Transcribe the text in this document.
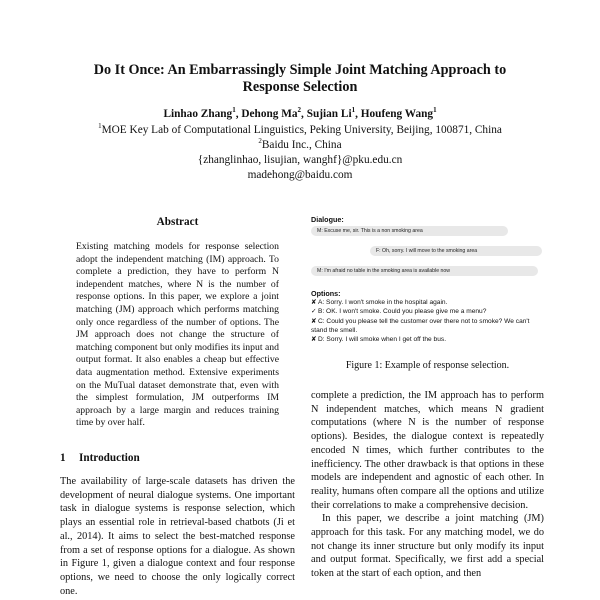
Do It Once: An Embarrassingly Simple Joint Matching Approach to
Response Selection
Linhao Zhang$^1$, Dehong Ma$^2$, Sujian Li$^1$, Houfeng Wang$^1$
$^1$MOE Key Lab of Computational Linguistics, Peking University, Beijing, 100871, China
$^2$Baidu Inc., China
{zhanglinhao, lisujian, wanghf}@pku.edu.cn
madehong@baidu.com
Abstract
Existing matching models for response selection adopt the independent matching (IM) approach. To complete a prediction, they have to perform N independent matches, where N is the number of response options. In this paper, we explore a joint matching (JM) approach which performs matching only once regardless of the number of options. The JM approach does not change the structure of matching component but only modifies its input and output format. It also enables a cheap but effective data augmentation method. Extensive experiments on the MuTual dataset demonstrate that, even with the simplest formulation, JM outperforms IM approach by a large margin and reduces training time by over half.
1 Introduction
The availability of large-scale datasets has driven the development of neural dialogue systems. One important task in dialogue systems is response selection, which plays an essential role in retrieval-based chatbots (Ji et al., 2014). It aims to select the best-matched response from a set of response options for a dialogue. As shown in Figure 1, given a dialogue context and four response options, we need to choose the only logically correct one.
Dialogue:
M: Excuse me, sir. This is a non smoking area
F: Oh, sorry. I will move to the smoking area
M: I'm afraid no table in the smoking area is available now
Options:
✘A: Sorry. I won't smoke in the hospital again.
✓B: OK. I won't smoke. Could you please give me a menu?
✘C: Could you please tell the customer over there not to smoke? We can't stand the smell.
✘D: Sorry. I will smoke when I get off the bus.
Figure 1: Example of response selection.

complete a prediction, the IM approach has to perform N independent matches, which means N gradient computations (where N is the number of response options). Besides, the dialogue context is repeatedly encoded N times, which further contributes to the inefficiency. The other drawback is that options in these models are independent and agnostic of each other. In reality, humans often compare all the options and utilize their correlations to make a comprehensive decision.

In this paper, we describe a joint matching (JM) approach for this task. For any matching model, we do not change its inner structure but only modify its input and output format. Specifically, we first add a special token at the start of each option, and then
